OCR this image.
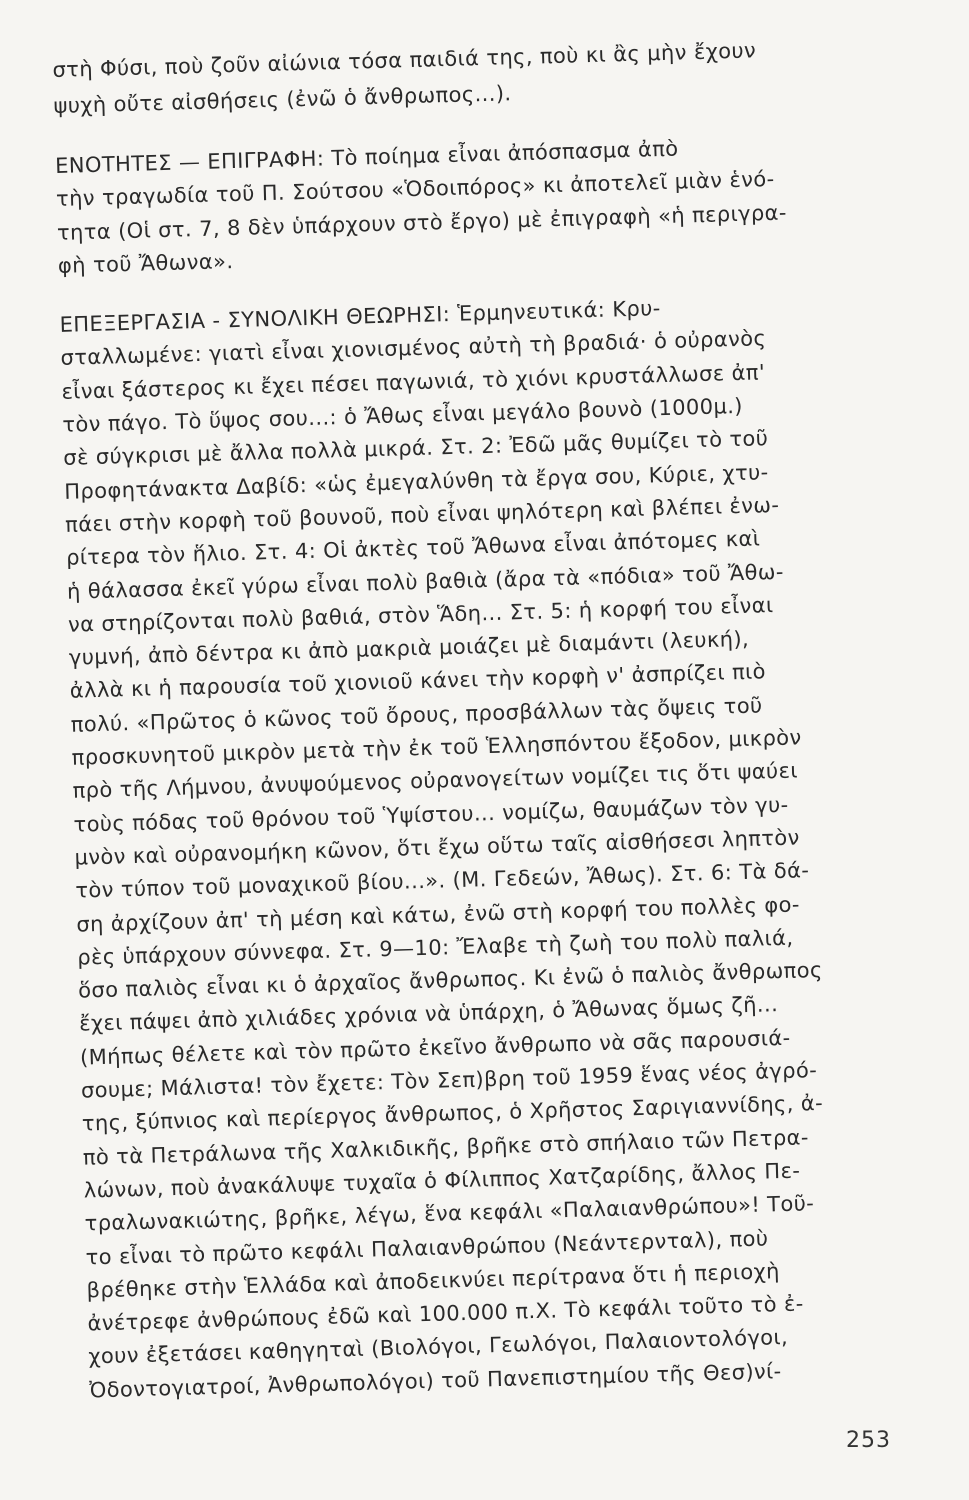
στὴ Φύσι, ποὺ ζοῦν αἰώνια τόσα παιδιά της, ποὺ κι ἂς μὴν ἔχουν
ψυχὴ οὔτε αἰσθήσεις (ἐνῶ ὁ ἄνθρωπος...).
ΕΝΟΤΗΤΕΣ — ΕΠΙΓΡΑΦΗ: Τὸ ποίημα εἶναι ἀπόσπασμα ἀπὸ
τὴν τραγωδία τοῦ Π. Σούτσου «Ὁδοιπόρος» κι ἀποτελεῖ μιὰν ἑνό-
τητα (Οἱ στ. 7, 8 δὲν ὑπάρχουν στὸ ἔργο) μὲ ἐπιγραφὴ «ἡ περιγρα-
φὴ τοῦ Ἄθωνα».
ΕΠΕΞΕΡΓΑΣΙΑ - ΣΥΝΟΛΙΚΗ ΘΕΩΡΗΣΙ: Ἑρμηνευτικά: Κρυ-
σταλλωμένε: γιατὶ εἶναι χιονισμένος αὐτὴ τὴ βραδιά· ὁ οὐρανὸς
εἶναι ξάστερος κι ἔχει πέσει παγωνιά, τὸ χιόνι κρυστάλλωσε ἀπ'
τὸν πάγο. Τὸ ὕψος σου...: ὁ Ἄθως εἶναι μεγάλο βουνὸ (1000μ.)
σὲ σύγκρισι μὲ ἄλλα πολλὰ μικρά. Στ. 2: Ἐδῶ μᾶς θυμίζει τὸ τοῦ
Προφητάνακτα Δαβίδ: «ὡς ἐμεγαλύνθη τὰ ἔργα σου, Κύριε, χτυ-
πάει στὴν κορφὴ τοῦ βουνοῦ, ποὺ εἶναι ψηλότερη καὶ βλέπει ἐνω-
ρίτερα τὸν ἥλιο. Στ. 4: Οἱ ἀκτὲς τοῦ Ἄθωνα εἶναι ἀπότομες καὶ
ἡ θάλασσα ἐκεῖ γύρω εἶναι πολὺ βαθιὰ (ἄρα τὰ «πόδια» τοῦ Ἄθω-
να στηρίζονται πολὺ βαθιά, στὸν Ἅδη... Στ. 5: ἡ κορφή του εἶναι
γυμνή, ἀπὸ δέντρα κι ἀπὸ μακριὰ μοιάζει μὲ διαμάντι (λευκή),
ἀλλὰ κι ἡ παρουσία τοῦ χιονιοῦ κάνει τὴν κορφὴ ν' ἀσπρίζει πιὸ
πολύ. «Πρῶτος ὁ κῶνος τοῦ ὄρους, προσβάλλων τὰς ὄψεις τοῦ
προσκυνητοῦ μικρὸν μετὰ τὴν ἐκ τοῦ Ἑλλησπόντου ἔξοδον, μικρὸν
πρὸ τῆς Λήμνου, ἀνυψούμενος οὐρανογείτων νομίζει τις ὅτι ψαύει
τοὺς πόδας τοῦ θρόνου τοῦ Ὑψίστου... νομίζω, θαυμάζων τὸν γυ-
μνὸν καὶ οὐρανομήκη κῶνον, ὅτι ἔχω οὕτω ταῖς αἰσθήσεσι ληπτὸν
τὸν τύπον τοῦ μοναχικοῦ βίου...». (Μ. Γεδεών, Ἄθως). Στ. 6: Τὰ δά-
ση ἀρχίζουν ἀπ' τὴ μέση καὶ κάτω, ἐνῶ στὴ κορφή του πολλὲς φο-
ρὲς ὑπάρχουν σύννεφα. Στ. 9—10: Ἔλαβε τὴ ζωὴ του πολὺ παλιά,
ὅσο παλιὸς εἶναι κι ὁ ἀρχαῖος ἄνθρωπος. Κι ἐνῶ ὁ παλιὸς ἄνθρωπος
ἔχει πάψει ἀπὸ χιλιάδες χρόνια νὰ ὑπάρχη, ὁ Ἄθωνας ὅμως ζῆ...
(Μήπως θέλετε καὶ τὸν πρῶτο ἐκεῖνο ἄνθρωπο νὰ σᾶς παρουσιά-
σουμε; Μάλιστα! τὸν ἔχετε: Τὸν Σεπ)βρη τοῦ 1959 ἕνας νέος ἀγρό-
της, ξύπνιος καὶ περίεργος ἄνθρωπος, ὁ Χρῆστος Σαριγιαννίδης, ἀ-
πὸ τὰ Πετράλωνα τῆς Χαλκιδικῆς, βρῆκε στὸ σπήλαιο τῶν Πετρα-
λώνων, ποὺ ἀνακάλυψε τυχαῖα ὁ Φίλιππος Χατζαρίδης, ἄλλος Πε-
τραλωνακιώτης, βρῆκε, λέγω, ἕνα κεφάλι «Παλαιανθρώπου»! Τοῦ-
το εἶναι τὸ πρῶτο κεφάλι Παλαιανθρώπου (Νεάντερνταλ), ποὺ
βρέθηκε στὴν Ἑλλάδα καὶ ἀποδεικνύει περίτρανα ὅτι ἡ περιοχὴ
ἀνέτρεφε ἀνθρώπους ἐδῶ καὶ 100.000 π.Χ. Τὸ κεφάλι τοῦτο τὸ ἐ-
χουν ἐξετάσει καθηγηταὶ (Βιολόγοι, Γεωλόγοι, Παλαιοντολόγοι,
Ὀδοντογιατροί, Ἀνθρωπολόγοι) τοῦ Πανεπιστημίου τῆς Θεσ)νί-
253
